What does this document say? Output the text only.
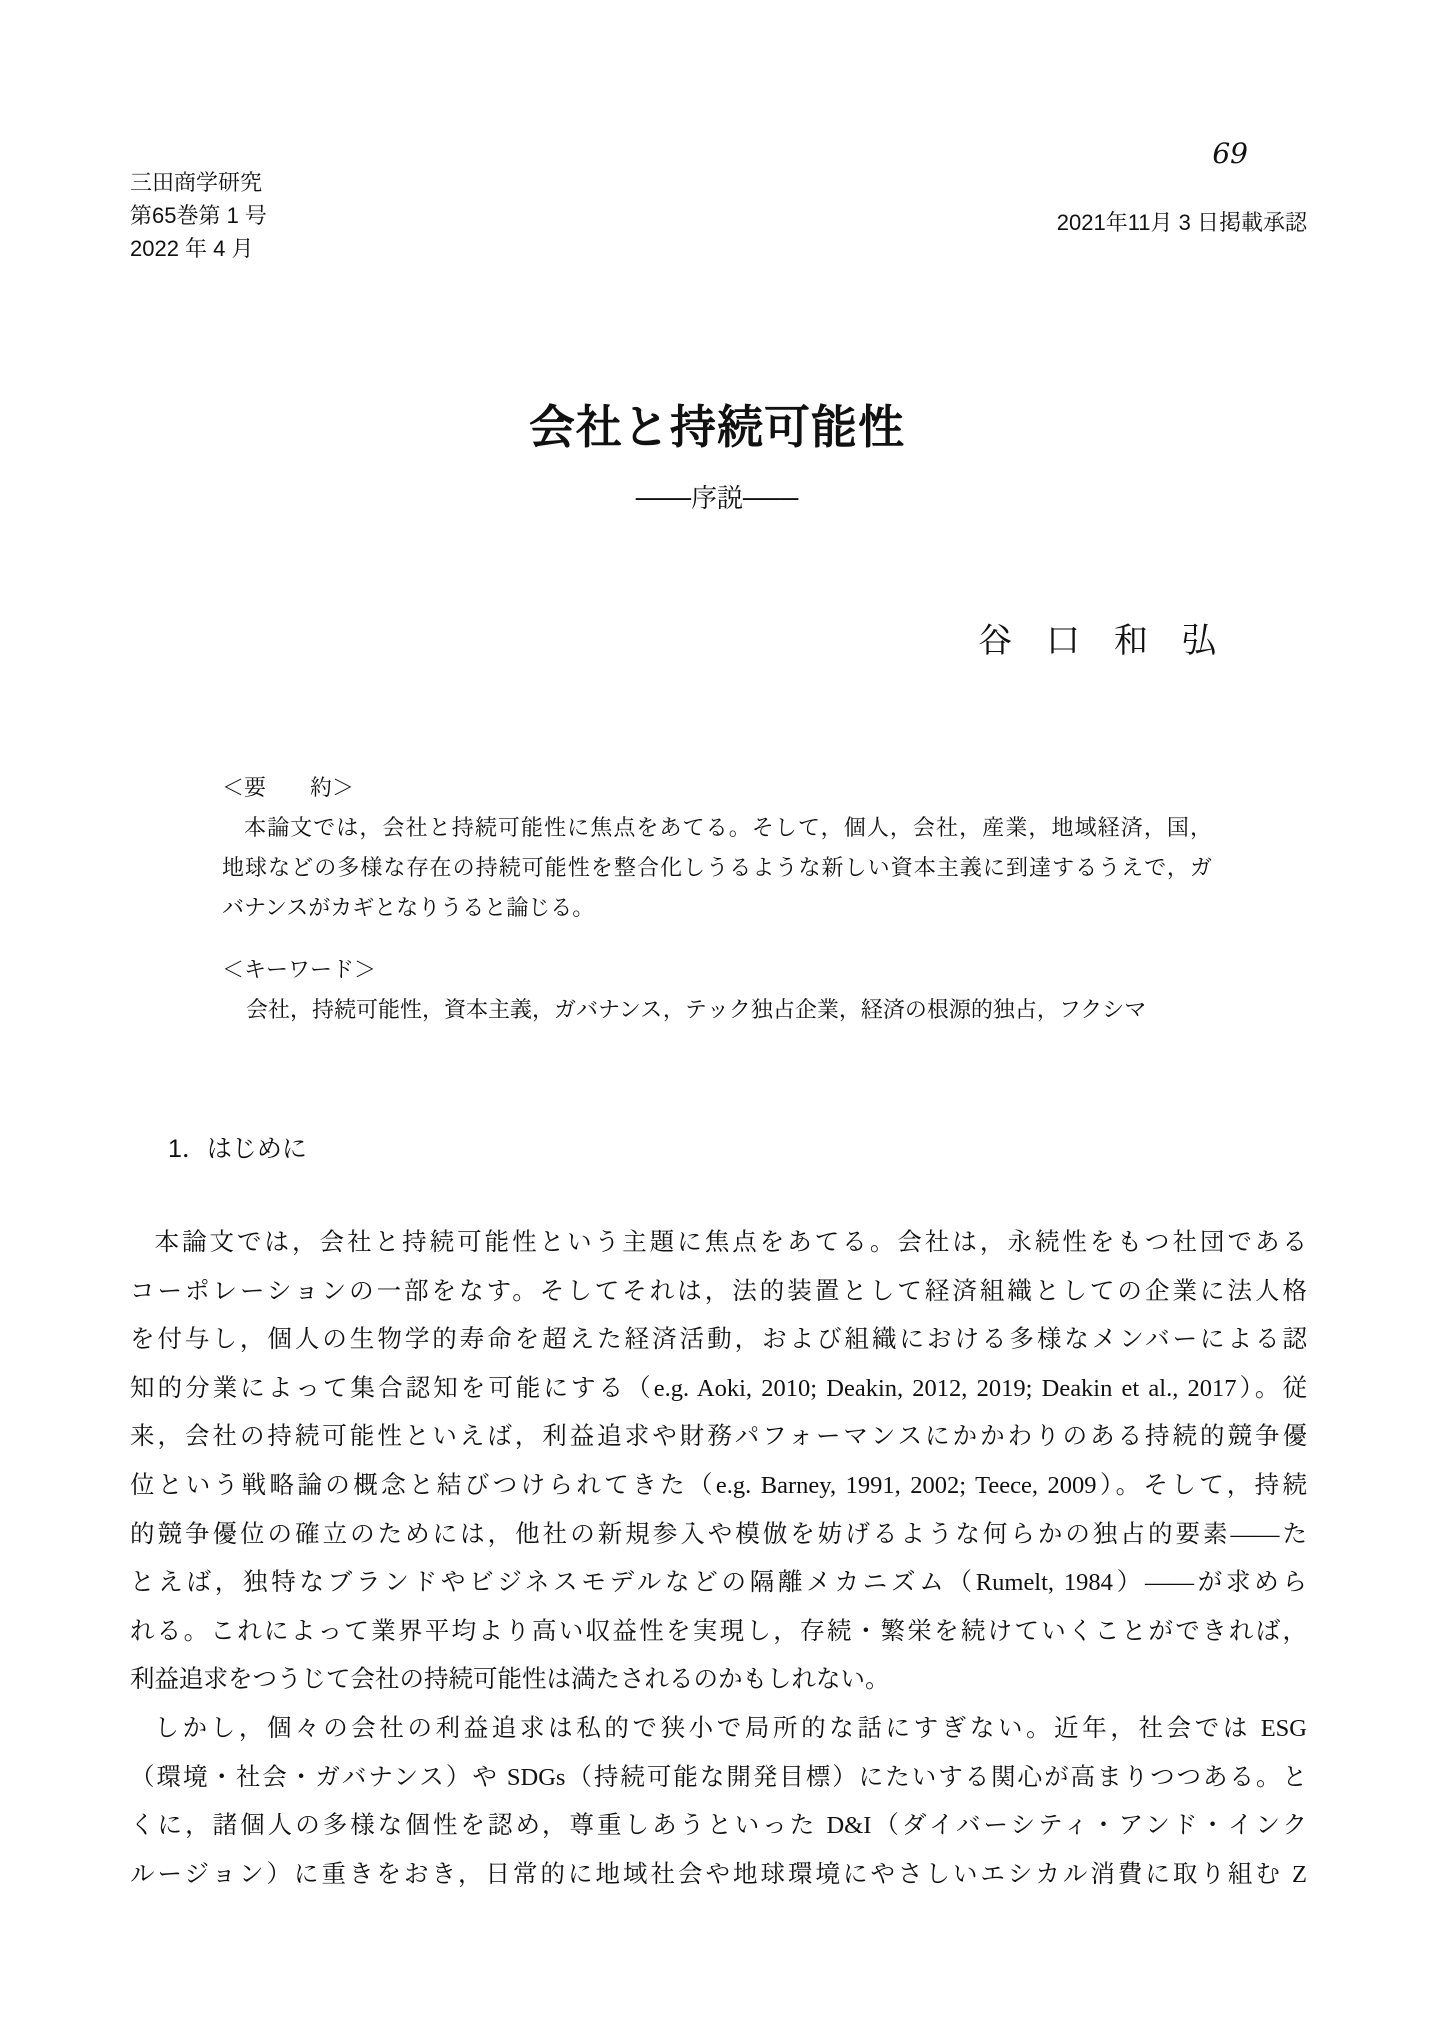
69
三田商学研究
第65巻第 1 号
2022 年 4 月
2021年11月 3 日掲載承認
会社と持続可能性
───序説───
谷　口　和　弘
＜要　　約＞
本論文では，会社と持続可能性に焦点をあてる。そして，個人，会社，産業，地域経済，国，
地球などの多様な存在の持続可能性を整合化しうるような新しい資本主義に到達するうえで，ガ
バナンスがカギとなりうると論じる。
＜キーワード＞
会社，持続可能性，資本主義，ガバナンス，テック独占企業，経済の根源的独占，フクシマ
1．はじめに
本論文では，会社と持続可能性という主題に焦点をあてる。会社は，永続性をもつ社団である
コーポレーションの一部をなす。そしてそれは，法的装置として経済組織としての企業に法人格
を付与し，個人の生物学的寿命を超えた経済活動，および組織における多様なメンバーによる認
知的分業によって集合認知を可能にする（e.g. Aoki, 2010; Deakin, 2012, 2019; Deakin et al., 2017）。従
来，会社の持続可能性といえば，利益追求や財務パフォーマンスにかかわりのある持続的競争優
位という戦略論の概念と結びつけられてきた（e.g. Barney, 1991, 2002; Teece, 2009）。そして，持続
的競争優位の確立のためには，他社の新規参入や模倣を妨げるような何らかの独占的要素――た
とえば，独特なブランドやビジネスモデルなどの隔離メカニズム（Rumelt, 1984）――が求めら
れる。これによって業界平均より高い収益性を実現し，存続・繁栄を続けていくことができれば，
利益追求をつうじて会社の持続可能性は満たされるのかもしれない。
しかし，個々の会社の利益追求は私的で狭小で局所的な話にすぎない。近年，社会では ESG
（環境・社会・ガバナンス）や SDGs（持続可能な開発目標）にたいする関心が高まりつつある。と
くに，諸個人の多様な個性を認め，尊重しあうといった D&I（ダイバーシティ・アンド・インク
ルージョン）に重きをおき，日常的に地域社会や地球環境にやさしいエシカル消費に取り組む Z
